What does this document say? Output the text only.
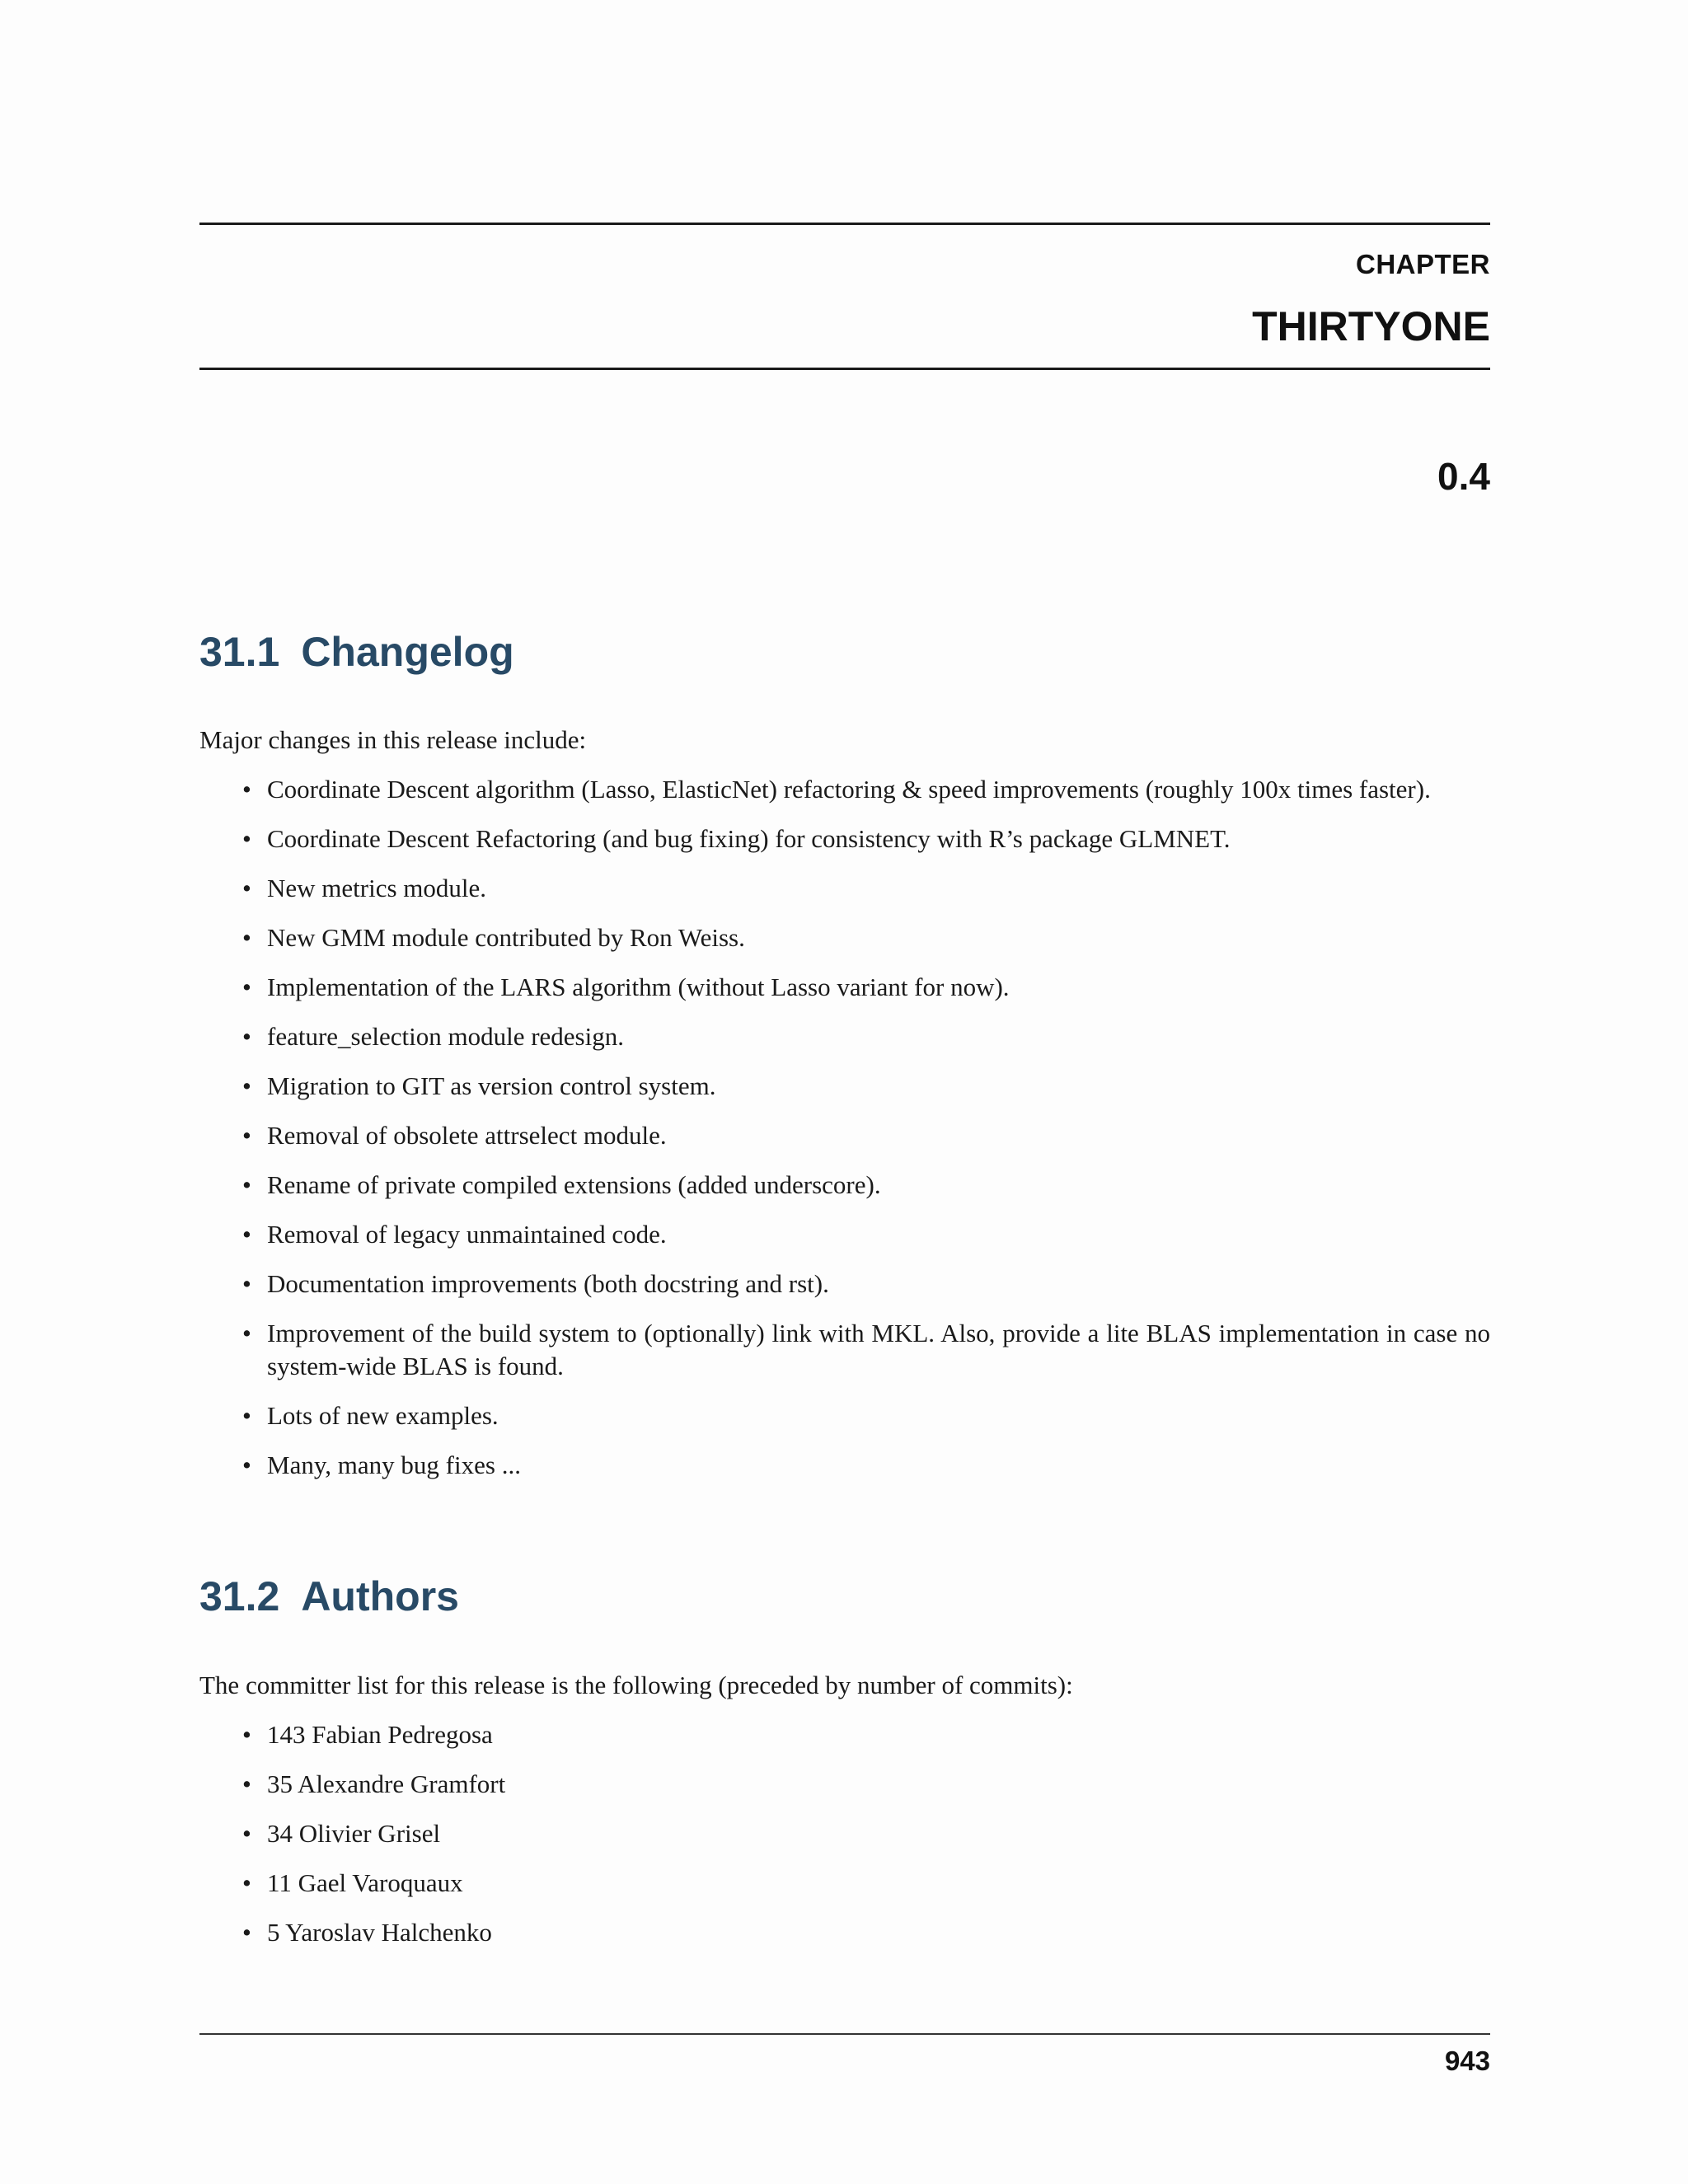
CHAPTER
THIRTYONE
0.4
31.1 Changelog
Major changes in this release include:
• Coordinate Descent algorithm (Lasso, ElasticNet) refactoring & speed improvements (roughly 100x times faster).
• Coordinate Descent Refactoring (and bug fixing) for consistency with R’s package GLMNET.
• New metrics module.
• New GMM module contributed by Ron Weiss.
• Implementation of the LARS algorithm (without Lasso variant for now).
• feature_selection module redesign.
• Migration to GIT as version control system.
• Removal of obsolete attrselect module.
• Rename of private compiled extensions (added underscore).
• Removal of legacy unmaintained code.
• Documentation improvements (both docstring and rst).
• Improvement of the build system to (optionally) link with MKL. Also, provide a lite BLAS implementation in case no system-wide BLAS is found.
• Lots of new examples.
• Many, many bug fixes ...
31.2 Authors
The committer list for this release is the following (preceded by number of commits):
• 143 Fabian Pedregosa
• 35 Alexandre Gramfort
• 34 Olivier Grisel
• 11 Gael Varoquaux
• 5 Yaroslav Halchenko
943
